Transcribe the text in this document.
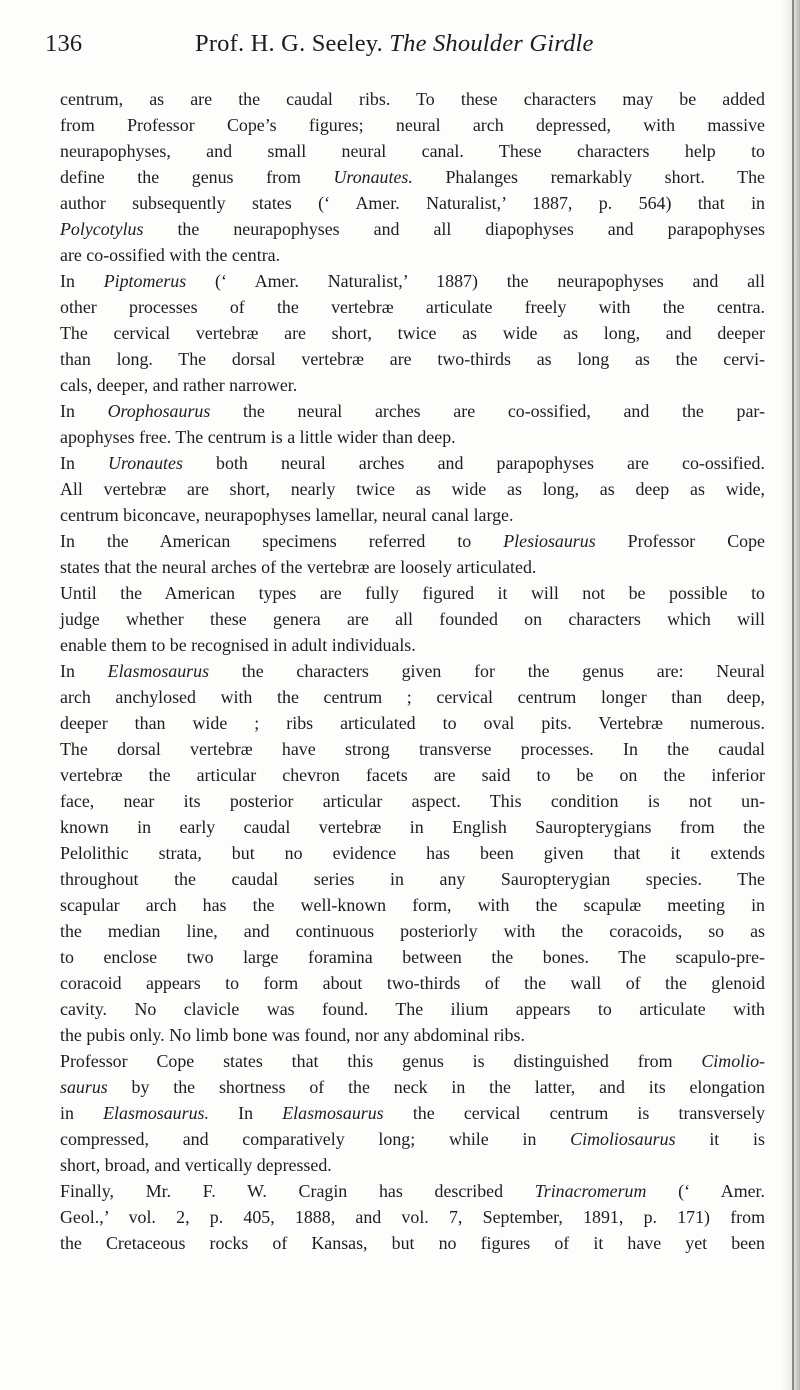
136	Prof. H. G. Seeley. The Shoulder Girdle
centrum, as are the caudal ribs. To these characters may be added
from Professor Cope’s figures; neural arch depressed, with massive
neurapophyses, and small neural canal. These characters help to
define the genus from Uronautes. Phalanges remarkably short. The
author subsequently states (‘ Amer. Naturalist,’ 1887, p. 564) that in
Polycotylus the neurapophyses and all diapophyses and parapophyses
are co-ossified with the centra.
In Piptomerus (‘ Amer. Naturalist,’ 1887) the neurapophyses and all
other processes of the vertebræ articulate freely with the centra.
The cervical vertebræ are short, twice as wide as long, and deeper
than long. The dorsal vertebræ are two-thirds as long as the cervi-
cals, deeper, and rather narrower.
In Orophosaurus the neural arches are co-ossified, and the par-
apophyses free. The centrum is a little wider than deep.
In Uronautes both neural arches and parapophyses are co-ossified.
All vertebræ are short, nearly twice as wide as long, as deep as wide,
centrum biconcave, neurapophyses lamellar, neural canal large.
In the American specimens referred to Plesiosaurus Professor Cope
states that the neural arches of the vertebræ are loosely articulated.
Until the American types are fully figured it will not be possible to
judge whether these genera are all founded on characters which will
enable them to be recognised in adult individuals.
In Elasmosaurus the characters given for the genus are: Neural
arch anchylosed with the centrum ; cervical centrum longer than deep,
deeper than wide ; ribs articulated to oval pits. Vertebræ numerous.
The dorsal vertebræ have strong transverse processes. In the caudal
vertebræ the articular chevron facets are said to be on the inferior
face, near its posterior articular aspect. This condition is not un-
known in early caudal vertebræ in English Sauropterygians from the
Pelolithic strata, but no evidence has been given that it extends
throughout the caudal series in any Sauropterygian species. The
scapular arch has the well-known form, with the scapulæ meeting in
the median line, and continuous posteriorly with the coracoids, so as
to enclose two large foramina between the bones. The scapulo-pre-
coracoid appears to form about two-thirds of the wall of the glenoid
cavity. No clavicle was found. The ilium appears to articulate with
the pubis only. No limb bone was found, nor any abdominal ribs.
Professor Cope states that this genus is distinguished from Cimolio-
saurus by the shortness of the neck in the latter, and its elongation
in Elasmosaurus. In Elasmosaurus the cervical centrum is transversely
compressed, and comparatively long; while in Cimoliosaurus it is
short, broad, and vertically depressed.
Finally, Mr. F. W. Cragin has described Trinacromerum (‘ Amer.
Geol.,’ vol. 2, p. 405, 1888, and vol. 7, September, 1891, p. 171) from
the Cretaceous rocks of Kansas, but no figures of it have yet been
